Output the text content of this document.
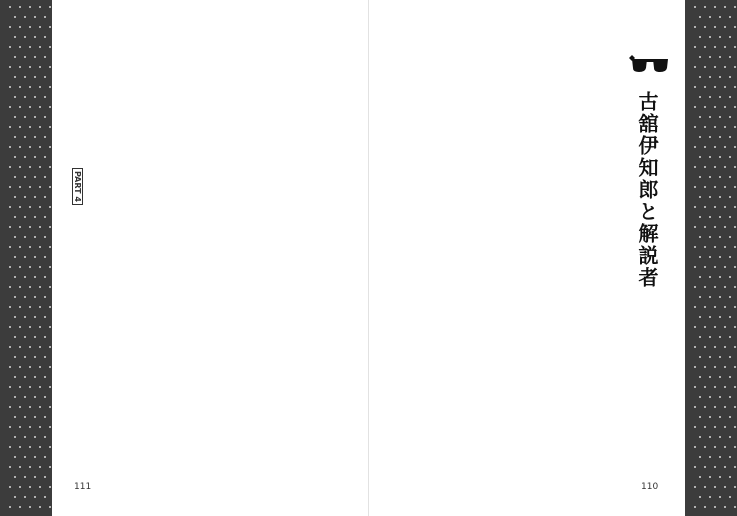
PART 4
111
古舘伊知郎と解説者
110
